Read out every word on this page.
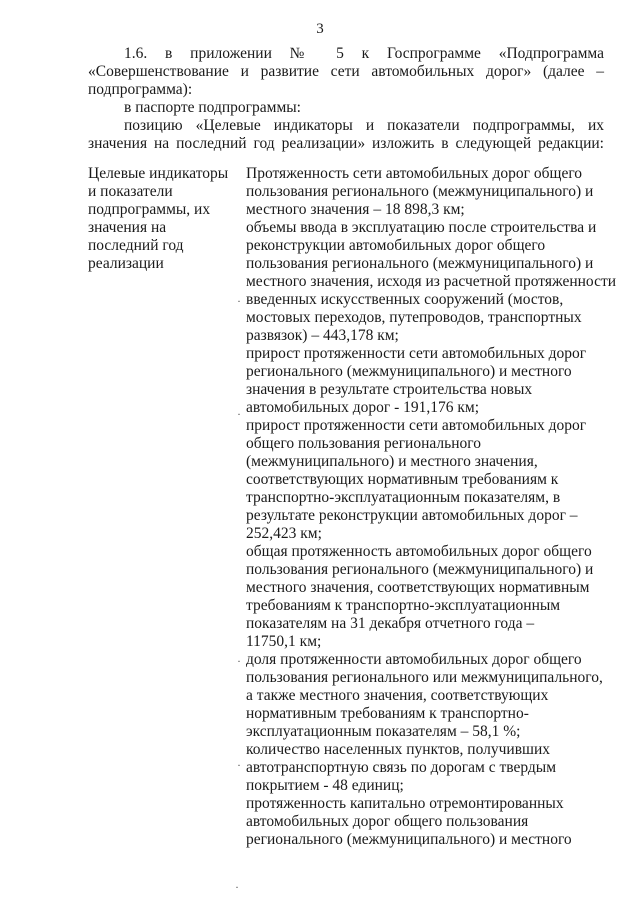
3

1.6. в приложении № 5 к Госпрограмме «Подпрограмма

«Совершенствование и развитие сети автомобильных дорог» (далее –

подпрограмма):

в паспорте подпрограммы:

позицию «Целевые индикаторы и показатели подпрограммы, их

значения на последний год реализации» изложить в следующей редакции:

Целевые индикаторы
и показатели
подпрограммы, их
значения на
последний год
реализации

Протяженность сети автомобильных дорог общего
пользования регионального (межмуниципального) и
местного значения – 18 898,3 км;

объемы ввода в эксплуатацию после строительства и
реконструкции автомобильных дорог общего
пользования регионального (межмуниципального) и
местного значения, исходя из расчетной протяженности
введенных искусственных сооружений (мостов,
мостовых переходов, путепроводов, транспортных
развязок) – 443,178 км;

прирост протяженности сети автомобильных дорог
регионального (межмуниципального) и местного
значения в результате строительства новых
автомобильных дорог - 191,176 км;

прирост протяженности сети автомобильных дорог
общего пользования регионального
(межмуниципального) и местного значения,
соответствующих нормативным требованиям к
транспортно-эксплуатационным показателям, в
результате реконструкции автомобильных дорог –
252,423 км;

общая протяженность автомобильных дорог общего
пользования регионального (межмуниципального) и
местного значения, соответствующих нормативным
требованиям к транспортно-эксплуатационным
показателям на 31 декабря отчетного года –
11750,1 км;

доля протяженности автомобильных дорог общего
пользования регионального или межмуниципального,
а также местного значения, соответствующих
нормативным требованиям к транспортно-
эксплуатационным показателям – 58,1 %;

количество населенных пунктов, получивших
автотранспортную связь по дорогам с твердым
покрытием - 48 единиц;

протяженность капитально отремонтированных
автомобильных дорог общего пользования
регионального (межмуниципального) и местного

·
·
·
·
·
